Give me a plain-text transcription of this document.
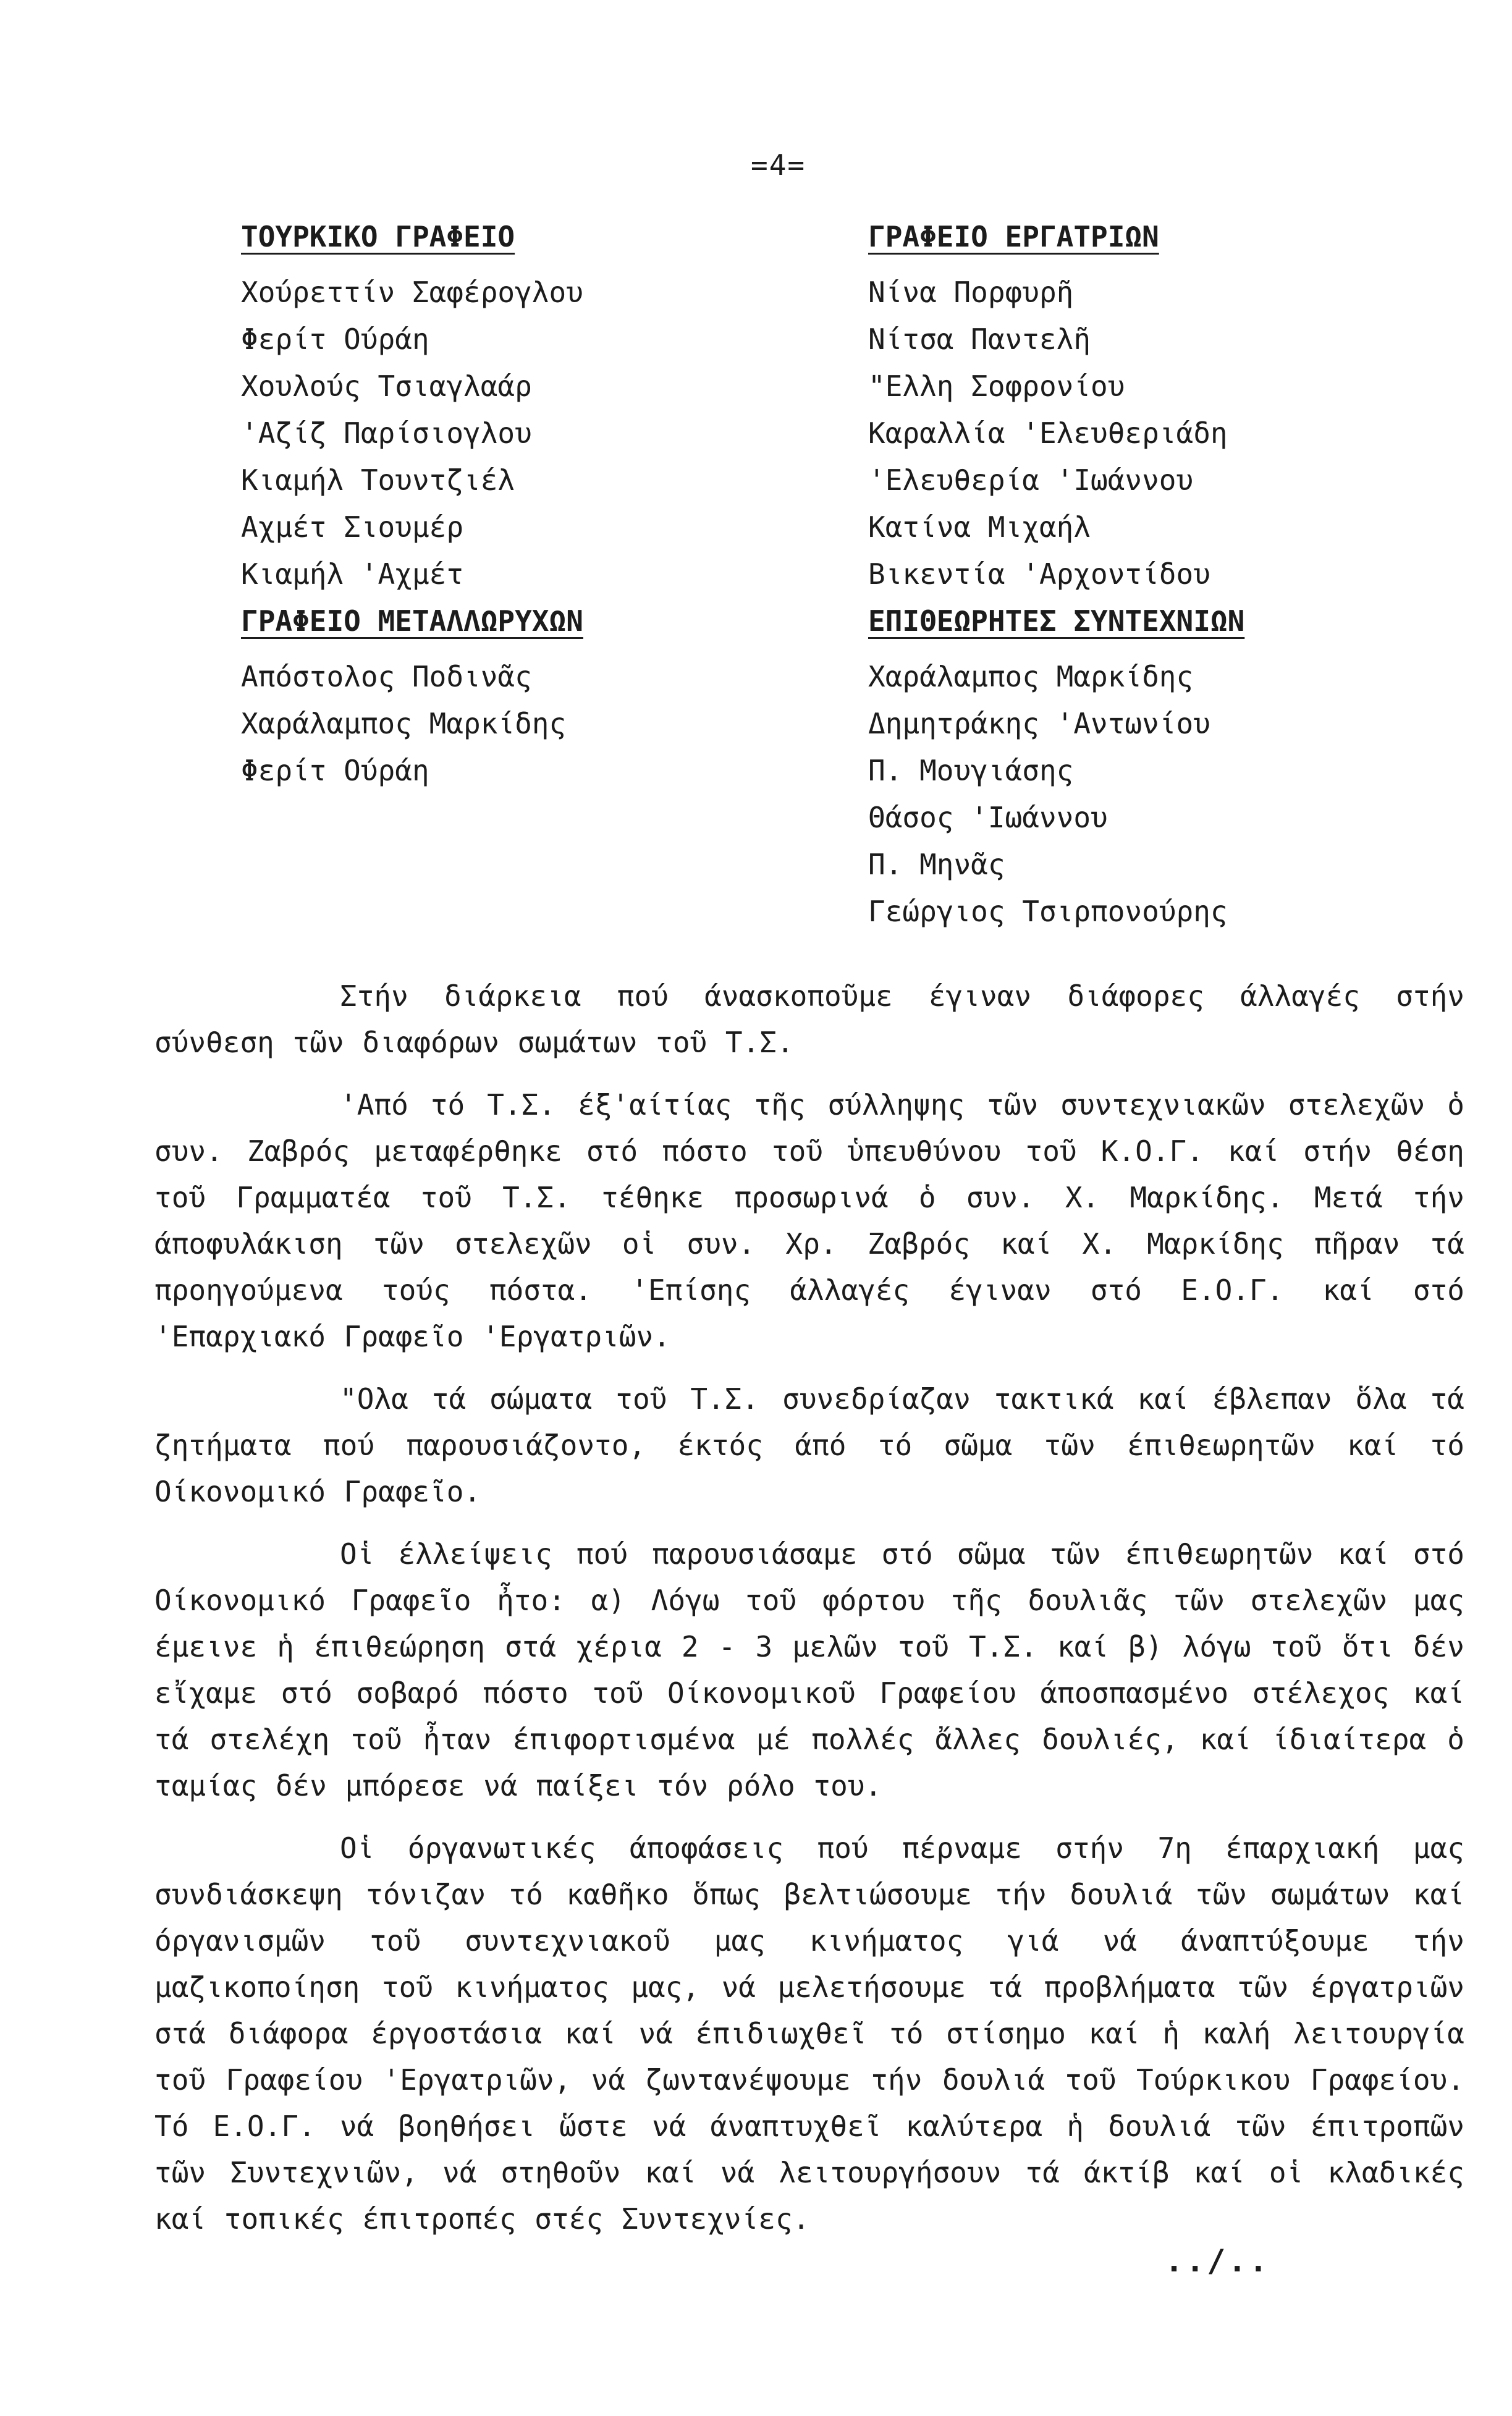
=4=
ΤΟΥΡΚΙΚΟ ΓΡΑΦΕΙΟ
Χούρεττίν Σαφέρογλου
Φερίτ Ούράη
Χουλούς Τσιαγλαάρ
'Αζίζ Παρίσιογλου
Κιαμήλ Τουντζιέλ
Αχμέτ Σιουμέρ
Κιαμήλ 'Αχμέτ
ΓΡΑΦΕΙΟ ΜΕΤΑΛΛΩΡΥΧΩΝ
Απόστολος Ποδινᾶς
Χαράλαμπος Μαρκίδης
Φερίτ Ούράη
ΓΡΑΦΕΙΟ ΕΡΓΑΤΡΙΩΝ
Νίνα Πορφυρῆ
Νίτσα Παντελῆ
"Ελλη Σοφρονίου
Καραλλία 'Ελευθεριάδη
'Ελευθερία 'Ιωάννου
Κατίνα Μιχαήλ
Βικεντία 'Αρχοντίδου
ΕΠΙΘΕΩΡΗΤΕΣ ΣΥΝΤΕΧΝΙΩΝ
Χαράλαμπος Μαρκίδης
Δημητράκης 'Αντωνίου
Π. Μουγιάσης
Θάσος 'Ιωάννου
Π. Μηνᾶς
Γεώργιος Τσιρπονούρης

Στήν διάρκεια πού άνασκοποῦμε έγιναν διάφορες άλλαγές στήν σύνθεση τῶν διαφόρων σωμάτων τοῦ Τ.Σ.

'Από τό Τ.Σ. έξ'αίτίας τῆς σύλληψης τῶν συντεχνιακῶν στελεχῶν ὁ συν. Ζαβρός μεταφέρθηκε στό πόστο τοῦ ὑπευθύνου τοῦ Κ.Ο.Γ. καί στήν θέση τοῦ Γραμματέα τοῦ Τ.Σ. τέθηκε προσωρινά ὁ συν. Χ. Μαρκίδης. Μετά τήν άποφυλάκιση τῶν στελεχῶν οἱ συν. Χρ. Ζαβρός καί Χ. Μαρκίδης πῆραν τά προηγούμενα τούς πόστα. 'Επίσης άλλαγές έγιναν στό Ε.Ο.Γ. καί στό 'Επαρχιακό Γραφεῖο 'Εργατριῶν.

"Ολα τά σώματα τοῦ Τ.Σ. συνεδρίαζαν τακτικά καί έβλεπαν ὅλα τά ζητήματα πού παρουσιάζοντο, έκτός άπό τό σῶμα τῶν έπιθεωρητῶν καί τό Οίκονομικό Γραφεῖο.

Οἱ έλλείψεις πού παρουσιάσαμε στό σῶμα τῶν έπιθεωρητῶν καί στό Οίκονομικό Γραφεῖο ἦτο: α) Λόγω τοῦ φόρτου τῆς δουλιᾶς τῶν στελεχῶν μας έμεινε ἡ έπιθεώρηση στά χέρια 2 - 3 μελῶν τοῦ Τ.Σ. καί β) λόγω τοῦ ὅτι δέν εἴχαμε στό σοβαρό πόστο τοῦ Οίκονομικοῦ Γραφείου άποσπασμένο στέλεχος καί τά στελέχη τοῦ ἦταν έπιφορτισμένα μέ πολλές ἄλλες δουλιές, καί ίδιαίτερα ὁ ταμίας δέν μπόρεσε νά παίξει τόν ρόλο του.

Οἱ όργανωτικές άποφάσεις πού πέρναμε στήν 7η έπαρχιακή μας συνδιάσκεψη τόνιζαν τό καθῆκο ὅπως βελτιώσουμε τήν δουλιά τῶν σωμάτων καί όργανισμῶν τοῦ συντεχνιακοῦ μας κινήματος γιά νά άναπτύξουμε τήν μαζικοποίηση τοῦ κινήματος μας, νά μελετήσουμε τά προβλήματα τῶν έργατριῶν στά διάφορα έργοστάσια καί νά έπιδιωχθεῖ τό στίσημο καί ἡ καλή λειτουργία τοῦ Γραφείου 'Εργατριῶν, νά ζωντανέψουμε τήν δουλιά τοῦ Τούρκικου Γραφείου. Τό Ε.Ο.Γ. νά βοηθήσει ὥστε νά άναπτυχθεῖ καλύτερα ἡ δουλιά τῶν έπιτροπῶν τῶν Συντεχνιῶν, νά στηθοῦν καί νά λειτουργήσουν τά άκτίβ καί οἱ κλαδικές καί τοπικές έπιτροπές στές Συντεχνίες.

../..
